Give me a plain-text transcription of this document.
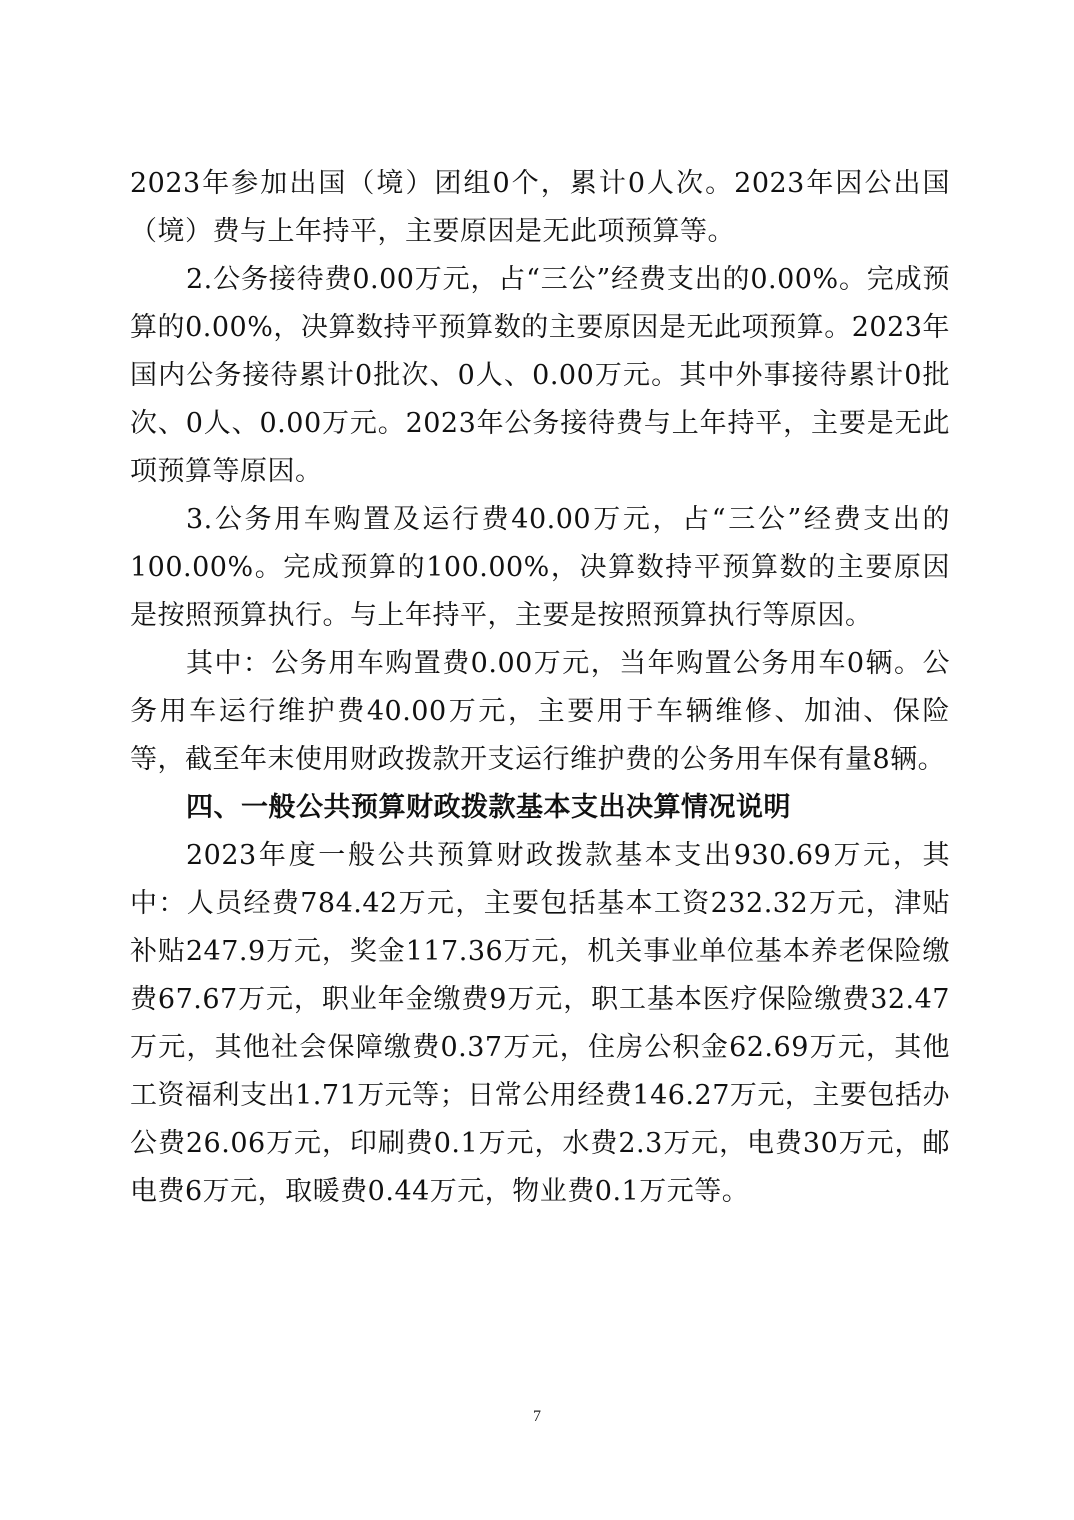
2023年参加出国（境）团组0个，累计0人次。2023年因公出国（境）费与上年持平，主要原因是无此项预算等。

2.公务接待费0.00万元，占“三公”经费支出的0.00%。完成预算的0.00%，决算数持平预算数的主要原因是无此项预算。2023年国内公务接待累计0批次、0人、0.00万元。其中外事接待累计0批次、0人、0.00万元。2023年公务接待费与上年持平，主要是无此项预算等原因。

3.公务用车购置及运行费40.00万元，占“三公”经费支出的100.00%。完成预算的100.00%，决算数持平预算数的主要原因是按照预算执行。与上年持平，主要是按照预算执行等原因。

其中：公务用车购置费0.00万元，当年购置公务用车0辆。公务用车运行维护费40.00万元，主要用于车辆维修、加油、保险等，截至年末使用财政拨款开支运行维护费的公务用车保有量8辆。

四、一般公共预算财政拨款基本支出决算情况说明

2023年度一般公共预算财政拨款基本支出930.69万元，其中：人员经费784.42万元，主要包括基本工资232.32万元，津贴补贴247.9万元，奖金117.36万元，机关事业单位基本养老保险缴费67.67万元，职业年金缴费9万元，职工基本医疗保险缴费32.47万元，其他社会保障缴费0.37万元，住房公积金62.69万元，其他工资福利支出1.71万元等；日常公用经费146.27万元，主要包括办公费26.06万元，印刷费0.1万元，水费2.3万元，电费30万元，邮电费6万元，取暖费0.44万元，物业费0.1万元等。

7
